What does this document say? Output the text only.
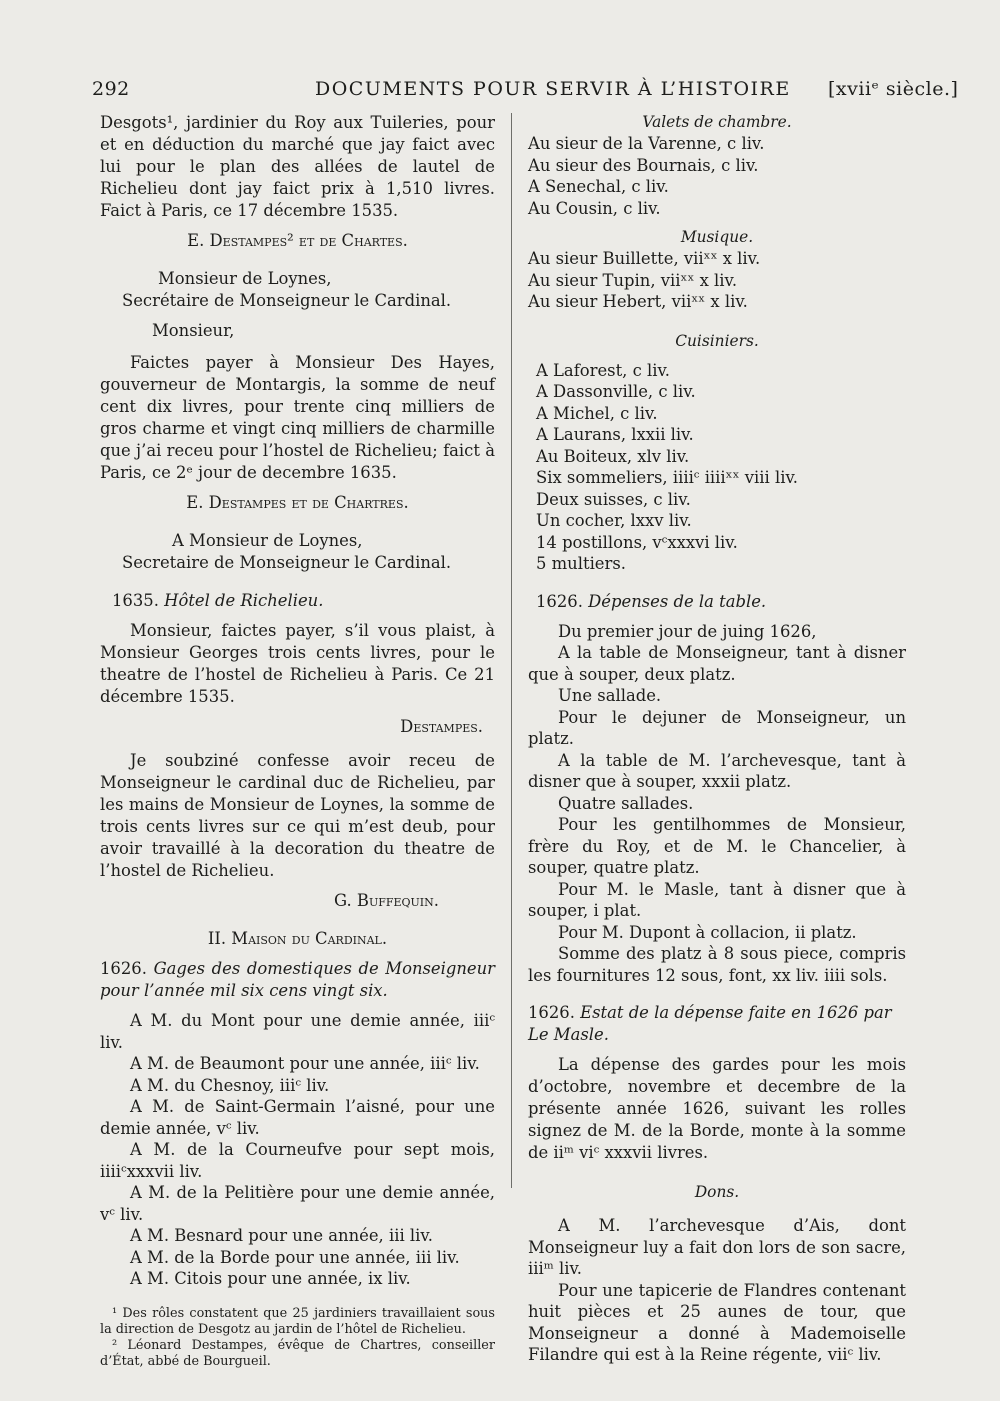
292	DOCUMENTS POUR SERVIR À L’HISTOIRE [xviiᵉ siècle.]

Desgots¹, jardinier du Roy aux Tuileries, pour et en déduction du marché que jay faict avec lui pour le plan des allées de lautel de Richelieu dont jay faict prix à 1,510 livres. Faict à Paris, ce 17 décembre 1535.

E. Destampes² et de Chartes.

Monsieur de Loynes,

Secrétaire de Monseigneur le Cardinal.

Monsieur,

Faictes payer à Monsieur Des Hayes, gouverneur de Montargis, la somme de neuf cent dix livres, pour trente cinq milliers de gros charme et vingt cinq milliers de charmille que j’ai receu pour l’hostel de Richelieu; faict à Paris, ce 2ᵉ jour de decembre 1635.

E. Destampes et de Chartres.

A Monsieur de Loynes,

Secretaire de Monseigneur le Cardinal.

1635. Hôtel de Richelieu.

Monsieur, faictes payer, s’il vous plaist, à Monsieur Georges trois cents livres, pour le theatre de l’hostel de Richelieu à Paris. Ce 21 décembre 1535.

Destampes.

Je soubziné confesse avoir receu de Monseigneur le cardinal duc de Richelieu, par les mains de Monsieur de Loynes, la somme de trois cents livres sur ce qui m’est deub, pour avoir travaillé à la decoration du theatre de l’hostel de Richelieu.

G. Buffequin.

II. Maison du Cardinal.

1626. Gages des domestiques de Monseigneur pour l’année mil six cens vingt six.

A M. du Mont pour une demie année, iiiᶜ liv.

A M. de Beaumont pour une année, iiiᶜ liv.

A M. du Chesnoy, iiiᶜ liv.

A M. de Saint-Germain l’aisné, pour une demie année, vᶜ liv.

A M. de la Courneufve pour sept mois, iiiiᶜxxxvii liv.

A M. de la Pelitière pour une demie année, vᶜ liv.

A M. Besnard pour une année, iii liv.

A M. de la Borde pour une année, iii liv.

A M. Citois pour une année, ix liv.

¹ Des rôles constatent que 25 jardiniers travaillaient sous la direction de Desgotz au jardin de l’hôtel de Richelieu.

² Léonard Destampes, évêque de Chartres, conseiller d’État, abbé de Bourgueil.

Valets de chambre.

Au sieur de la Varenne, c liv.

Au sieur des Bournais, c liv.

A Senechal, c liv.

Au Cousin, c liv.

Musique.

Au sieur Buillette, viiˣˣ x liv.

Au sieur Tupin, viiˣˣ x liv.

Au sieur Hebert, viiˣˣ x liv.

Cuisiniers.

A Laforest, c liv.

A Dassonville, c liv.

A Michel, c liv.

A Laurans, lxxii liv.

Au Boiteux, xlv liv.

Six sommeliers, iiiiᶜ iiiiˣˣ viii liv.

Deux suisses, c liv.

Un cocher, lxxv liv.

14 postillons, vᶜxxxvi liv.

5 multiers.

1626. Dépenses de la table.

Du premier jour de juing 1626,

A la table de Monseigneur, tant à disner que à souper, deux platz.

Une sallade.

Pour le dejuner de Monseigneur, un platz.

A la table de M. l’archevesque, tant à disner que à souper, xxxii platz.

Quatre sallades.

Pour les gentilhommes de Monsieur, frère du Roy, et de M. le Chancelier, à souper, quatre platz.

Pour M. le Masle, tant à disner que à souper, i plat.

Pour M. Dupont à collacion, ii platz.

Somme des platz à 8 sous piece, compris les fournitures 12 sous, font, xx liv. iiii sols.

1626. Estat de la dépense faite en 1626 par Le Masle.

La dépense des gardes pour les mois d’octobre, novembre et decembre de la présente année 1626, suivant les rolles signez de M. de la Borde, monte à la somme de iiᵐ viᶜ xxxvii livres.

Dons.

A M. l’archevesque d’Ais, dont Monseigneur luy a fait don lors de son sacre, iiiᵐ liv.

Pour une tapicerie de Flandres contenant huit pièces et 25 aunes de tour, que Monseigneur a donné à Mademoiselle Filandre qui est à la Reine régente, viiᶜ liv.
